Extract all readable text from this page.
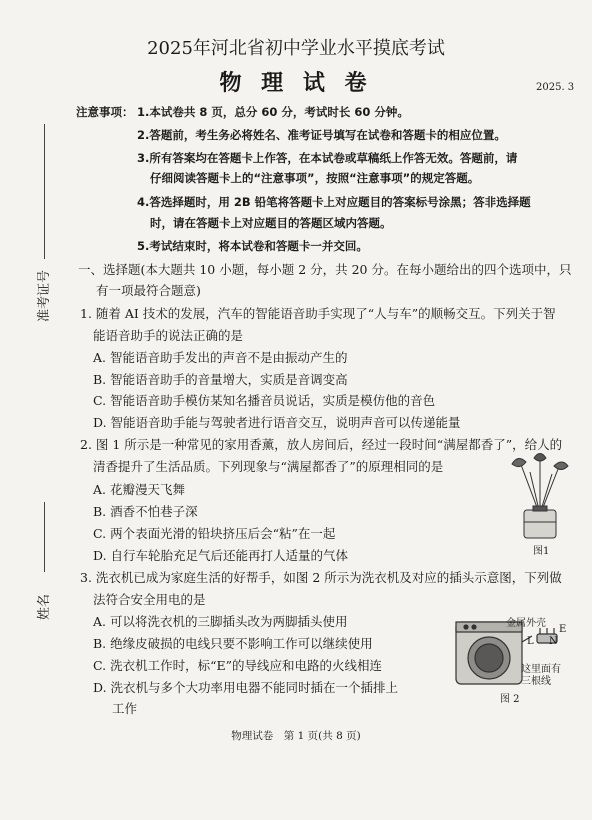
2025年河北省初中学业水平摸底考试
物 理 试 卷	2025. 3
注意事项： 1.本试卷共 8 页，总分 60 分，考试时长 60 分钟。
2.答题前，考生务必将姓名、准考证号填写在试卷和答题卡的相应位置。
3.所有答案均在答题卡上作答，在本试卷或草稿纸上作答无效。答题前，请
仔细阅读答题卡上的“注意事项”，按照“注意事项”的规定答题。
4.答选择题时，用 2B 铅笔将答题卡上对应题目的答案标号涂黑；答非选择题
时，请在答题卡上对应题目的答题区域内答题。
5.考试结束时，将本试卷和答题卡一并交回。
准考证号
姓名
一、选择题(本大题共 10 小题，每小题 2 分，共 20 分。在每小题给出的四个选项中，只
有一项最符合题意)
1. 随着 AI 技术的发展，汽车的智能语音助手实现了“人与车”的顺畅交互。下列关于智
能语音助手的说法正确的是
A. 智能语音助手发出的声音不是由振动产生的
B. 智能语音助手的音量增大，实质是音调变高
C. 智能语音助手模仿某知名播音员说话，实质是模仿他的音色
D. 智能语音助手能与驾驶者进行语音交互，说明声音可以传递能量
2. 图 1 所示是一种常见的家用香薰，放人房间后，经过一段时间“满屋都香了”，给人的
清香提升了生活品质。下列现象与“满屋都香了”的原理相同的是
A. 花瓣漫天飞舞
B. 酒香不怕巷子深
C. 两个表面光滑的铅块挤压后会“粘”在一起
D. 自行车轮胎充足气后还能再打人适量的气体	图1
3. 洗衣机已成为家庭生活的好帮手，如图 2 所示为洗衣机及对应的插头示意图，下列做
法符合安全用电的是
A. 可以将洗衣机的三脚插头改为两脚插头使用
B. 绝缘皮破损的电线只要不影响工作可以继续使用
C. 洗衣机工作时，标“E”的导线应和电路的火线相连
D. 洗衣机与多个大功率用电器不能同时插在一个插排上
工作
金属外壳
E
L N
这里面有
三根线
图 2
物理试卷　第 1 页(共 8 页)
